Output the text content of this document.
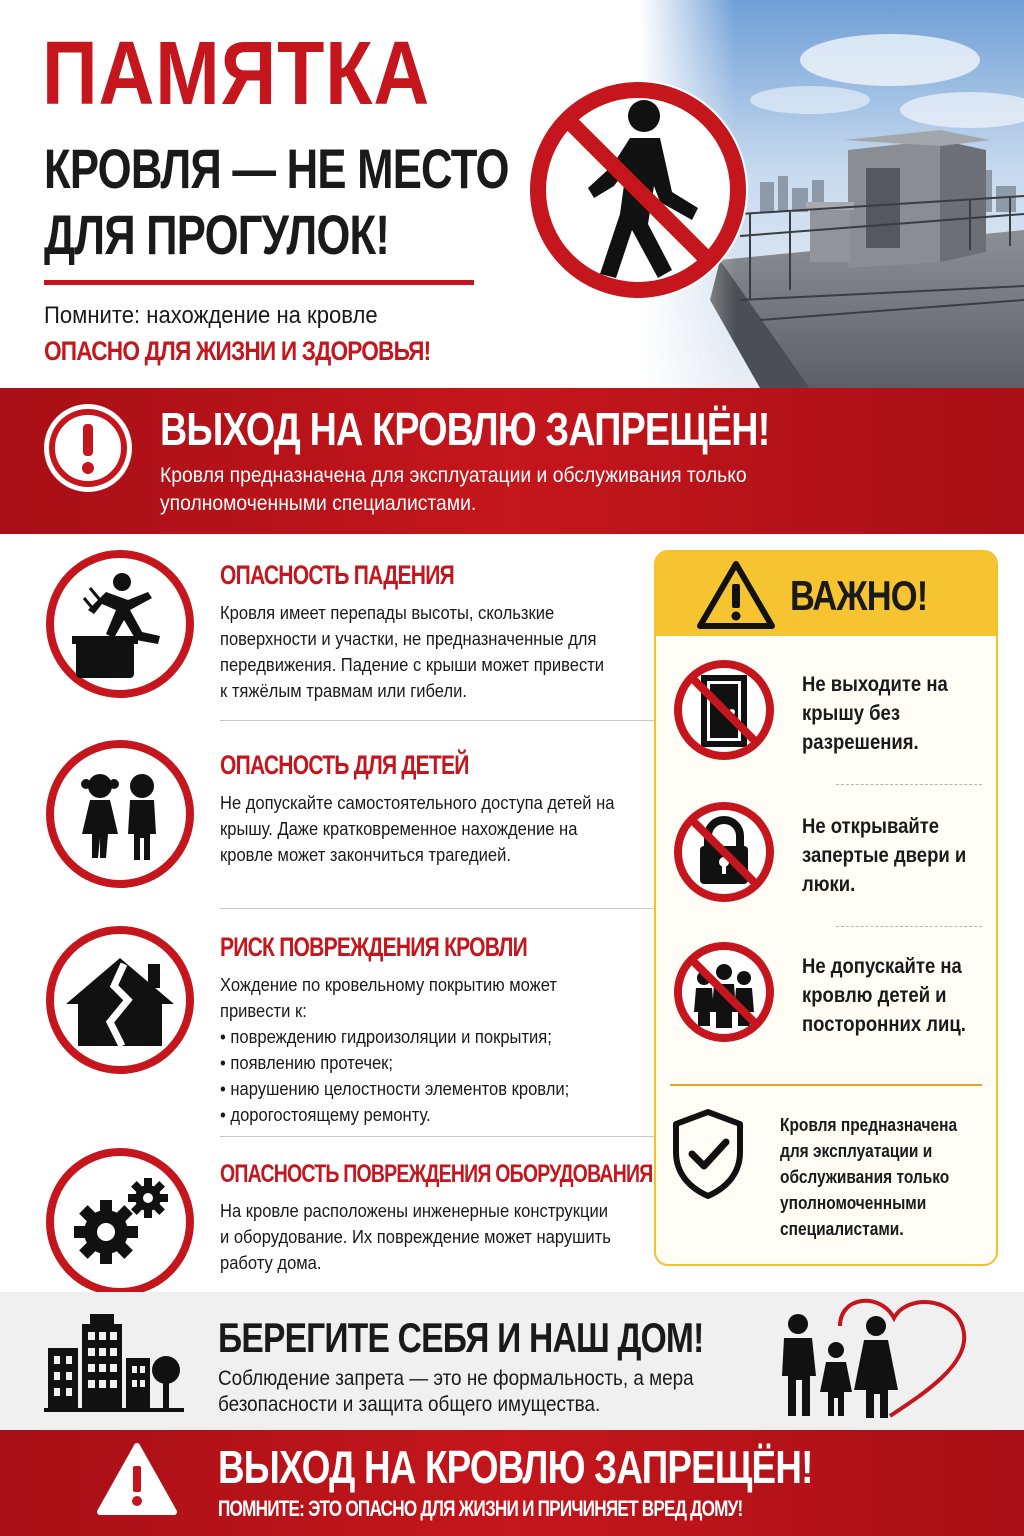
ПАМЯТКА
КРОВЛЯ — НЕ МЕСТО
ДЛЯ ПРОГУЛОК!
Помните: нахождение на кровле
ОПАСНО ДЛЯ ЖИЗНИ И ЗДОРОВЬЯ!
ВЫХОД НА КРОВЛЮ ЗАПРЕЩЁН!
Кровля предназначена для эксплуатации и обслуживания только уполномоченными специалистами.
ОПАСНОСТЬ ПАДЕНИЯ
Кровля имеет перепады высоты, скользкие поверхности и участки, не предназначенные для передвижения. Падение с крыши может привести к тяжёлым травмам или гибели.
ОПАСНОСТЬ ДЛЯ ДЕТЕЙ
Не допускайте самостоятельного доступа детей на крышу. Даже кратковременное нахождение на кровле может закончиться трагедией.
РИСК ПОВРЕЖДЕНИЯ КРОВЛИ
Хождение по кровельному покрытию может привести к:
• повреждению гидроизоляции и покрытия;
• появлению протечек;
• нарушению целостности элементов кровли;
• дорогостоящему ремонту.
ОПАСНОСТЬ ПОВРЕЖДЕНИЯ ОБОРУДОВАНИЯ
На кровле расположены инженерные конструкции и оборудование. Их повреждение может нарушить работу дома.
ВАЖНО!
Не выходите на крышу без разрешения.
Не открывайте запертые двери и люки.
Не допускайте на кровлю детей и посторонних лиц.
Кровля предназначена для эксплуатации и обслуживания только уполномоченными специалистами.
БЕРЕГИТЕ СЕБЯ И НАШ ДОМ!
Соблюдение запрета — это не формальность, а мера безопасности и защита общего имущества.
ВЫХОД НА КРОВЛЮ ЗАПРЕЩЁН!
ПОМНИТЕ: ЭТО ОПАСНО ДЛЯ ЖИЗНИ И ПРИЧИНЯЕТ ВРЕД ДОМУ!
